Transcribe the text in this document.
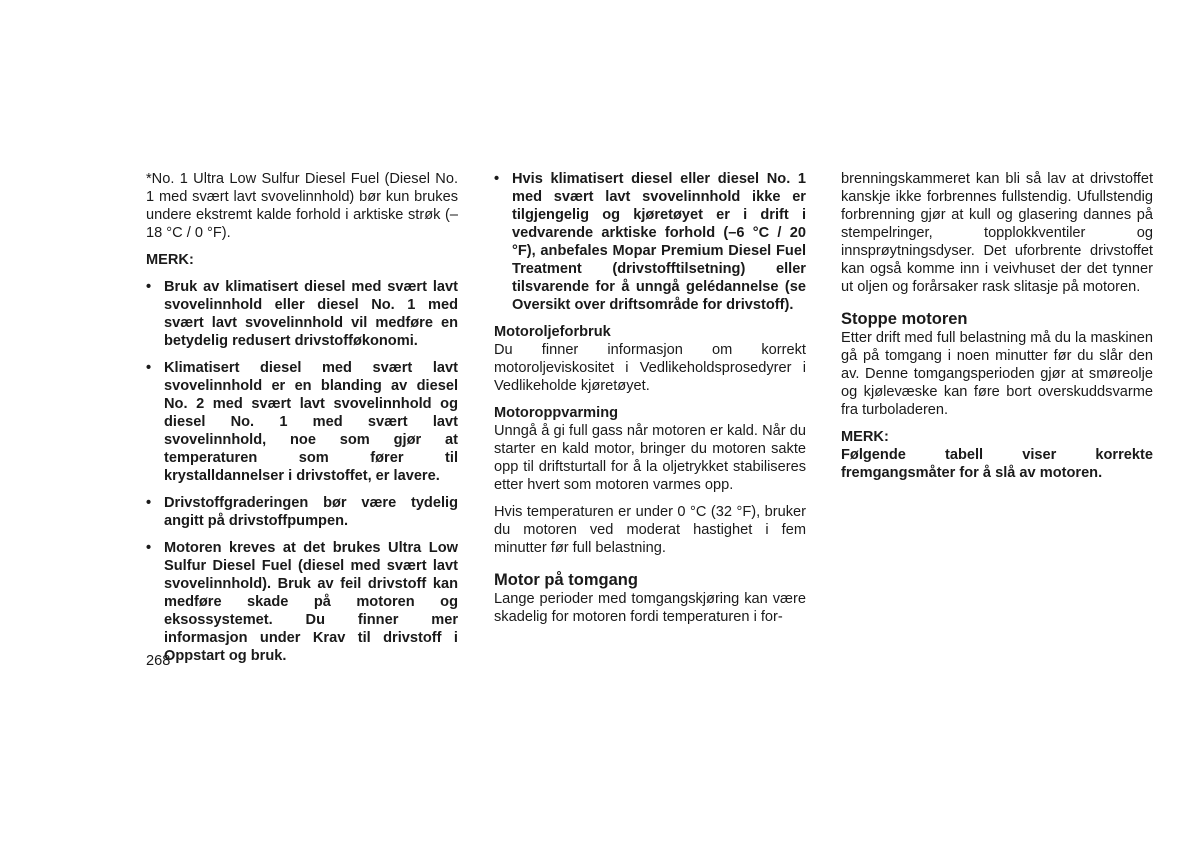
*No. 1 Ultra Low Sulfur Diesel Fuel (Diesel No. 1 med svært lavt svovelinnhold) bør kun brukes undere ekstremt kalde forhold i arktiske strøk (–18 °C / 0 °F).

MERK:

• Bruk av klimatisert diesel med svært lavt svovelinnhold eller diesel No. 1 med svært lavt svovelinnhold vil medføre en betydelig redusert drivstofføkonomi.
• Klimatisert diesel med svært lavt svovelinnhold er en blanding av diesel No. 2 med svært lavt svovelinnhold og diesel No. 1 med svært lavt svovelinnhold, noe som gjør at temperaturen som fører til krystalldannelser i drivstoffet, er lavere.
• Drivstoffgraderingen bør være tydelig angitt på drivstoffpumpen.
• Motoren kreves at det brukes Ultra Low Sulfur Diesel Fuel (diesel med svært lavt svovelinnhold). Bruk av feil drivstoff kan medføre skade på motoren og eksossystemet. Du finner mer informasjon under Krav til drivstoff i Oppstart og bruk.
• Hvis klimatisert diesel eller diesel No. 1 med svært lavt svovelinnhold ikke er tilgjengelig og kjøretøyet er i drift i vedvarende arktiske forhold (–6 °C / 20 °F), anbefales Mopar Premium Diesel Fuel Treatment (drivstofftilsetning) eller tilsvarende for å unngå gelédannelse (se Oversikt over driftsområde for drivstoff).

Motoroljeforbruk

Du finner informasjon om korrekt motoroljeviskositet i Vedlikeholdsprosedyrer i Vedlikeholde kjøretøyet.

Motoroppvarming

Unngå å gi full gass når motoren er kald. Når du starter en kald motor, bringer du motoren sakte opp til driftsturtall for å la oljetrykket stabiliseres etter hvert som motoren varmes opp.

Hvis temperaturen er under 0 °C (32 °F), bruker du motoren ved moderat hastighet i fem minutter før full belastning.

Motor på tomgang

Lange perioder med tomgangskjøring kan være skadelig for motoren fordi temperaturen i for-

brenningskammeret kan bli så lav at drivstoffet kanskje ikke forbrennes fullstendig. Ufullstendig forbrenning gjør at kull og glasering dannes på stempelringer, topplokkventiler og innsprøytningsdyser. Det uforbrente drivstoffet kan også komme inn i veivhuset der det tynner ut oljen og forårsaker rask slitasje på motoren.

Stoppe motoren

Etter drift med full belastning må du la maskinen gå på tomgang i noen minutter før du slår den av. Denne tomgangsperioden gjør at smøreolje og kjølevæske kan føre bort overskuddsvarme fra turboladeren.

MERK:

Følgende tabell viser korrekte fremgangsmåter for å slå av motoren.

268
